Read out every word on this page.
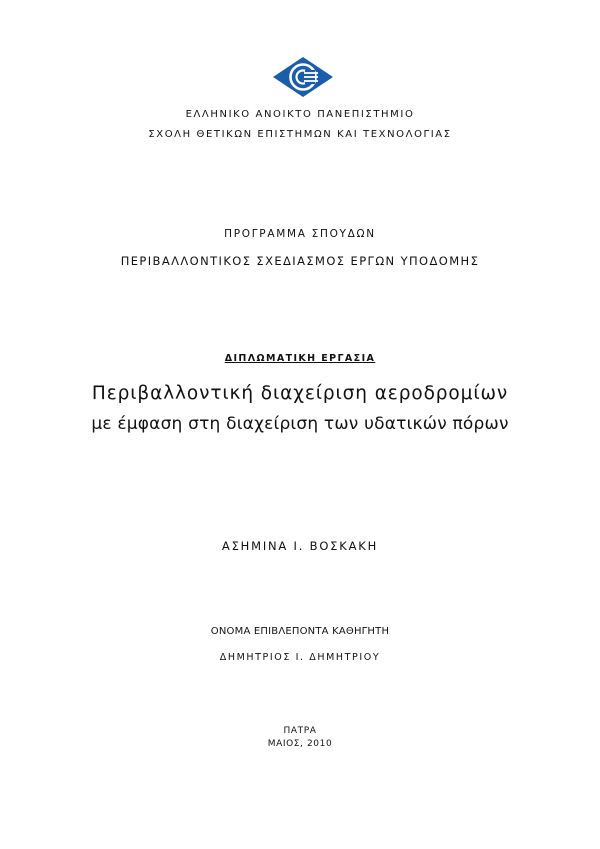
ΕΛΛΗΝΙΚΟ ΑΝΟΙΚΤΟ ΠΑΝΕΠΙΣΤΗΜΙΟ
ΣΧΟΛΗ ΘΕΤΙΚΩΝ ΕΠΙΣΤΗΜΩΝ ΚΑΙ ΤΕΧΝΟΛΟΓΙΑΣ
ΠΡΟΓΡΑΜΜΑ ΣΠΟΥΔΩΝ
ΠΕΡΙΒΑΛΛΟΝΤΙΚΟΣ ΣΧΕΔΙΑΣΜΟΣ ΕΡΓΩΝ ΥΠΟΔΟΜΗΣ
ΔΙΠΛΩΜΑΤΙΚΗ ΕΡΓΑΣΙΑ
Περιβαλλοντική διαχείριση αεροδρομίων
με έμφαση στη διαχείριση των υδατικών πόρων
ΑΣΗΜΙΝΑ Ι. ΒΟΣΚΑΚΗ
ΟΝΟΜΑ ΕΠΙΒΛΕΠΟΝΤΑ ΚΑΘΗΓΗΤΗ
ΔΗΜΗΤΡΙΟΣ Ι. ΔΗΜΗΤΡΙΟΥ
ΠΑΤΡΑ
ΜΑΙΟΣ, 2010
